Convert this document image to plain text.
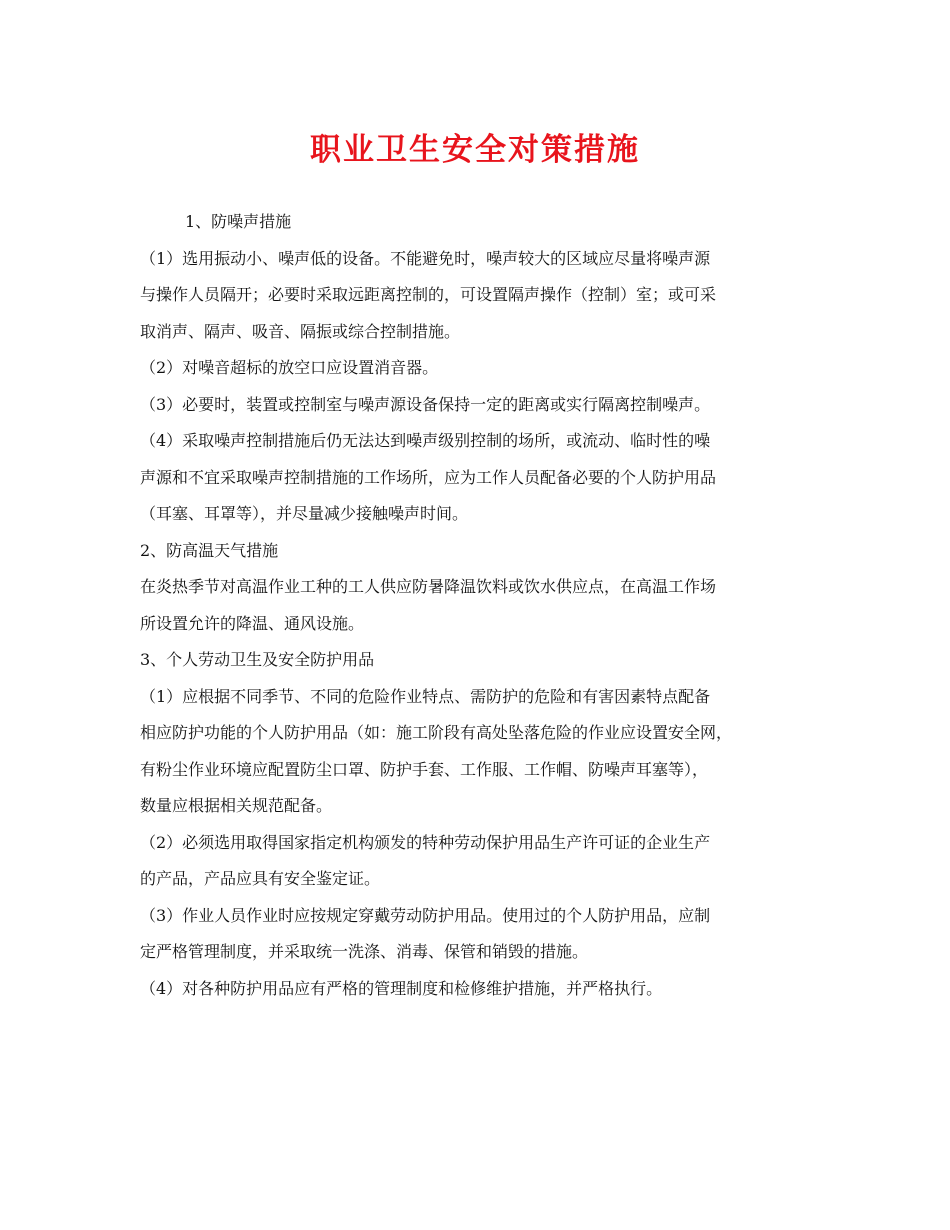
职业卫生安全对策措施
1、防噪声措施
（1）选用振动小、噪声低的设备。不能避免时，噪声较大的区域应尽量将噪声源
与操作人员隔开；必要时采取远距离控制的，可设置隔声操作（控制）室；或可采
取消声、隔声、吸音、隔振或综合控制措施。
（2）对噪音超标的放空口应设置消音器。
（3）必要时，装置或控制室与噪声源设备保持一定的距离或实行隔离控制噪声。
（4）采取噪声控制措施后仍无法达到噪声级别控制的场所，或流动、临时性的噪
声源和不宜采取噪声控制措施的工作场所，应为工作人员配备必要的个人防护用品
（耳塞、耳罩等），并尽量减少接触噪声时间。
2、防高温天气措施
在炎热季节对高温作业工种的工人供应防暑降温饮料或饮水供应点，在高温工作场
所设置允许的降温、通风设施。
3、个人劳动卫生及安全防护用品
（1）应根据不同季节、不同的危险作业特点、需防护的危险和有害因素特点配备
相应防护功能的个人防护用品（如：施工阶段有高处坠落危险的作业应设置安全网，
有粉尘作业环境应配置防尘口罩、防护手套、工作服、工作帽、防噪声耳塞等），
数量应根据相关规范配备。
（2）必须选用取得国家指定机构颁发的特种劳动保护用品生产许可证的企业生产
的产品，产品应具有安全鉴定证。
（3）作业人员作业时应按规定穿戴劳动防护用品。使用过的个人防护用品，应制
定严格管理制度，并采取统一洗涤、消毒、保管和销毁的措施。
（4）对各种防护用品应有严格的管理制度和检修维护措施，并严格执行。
